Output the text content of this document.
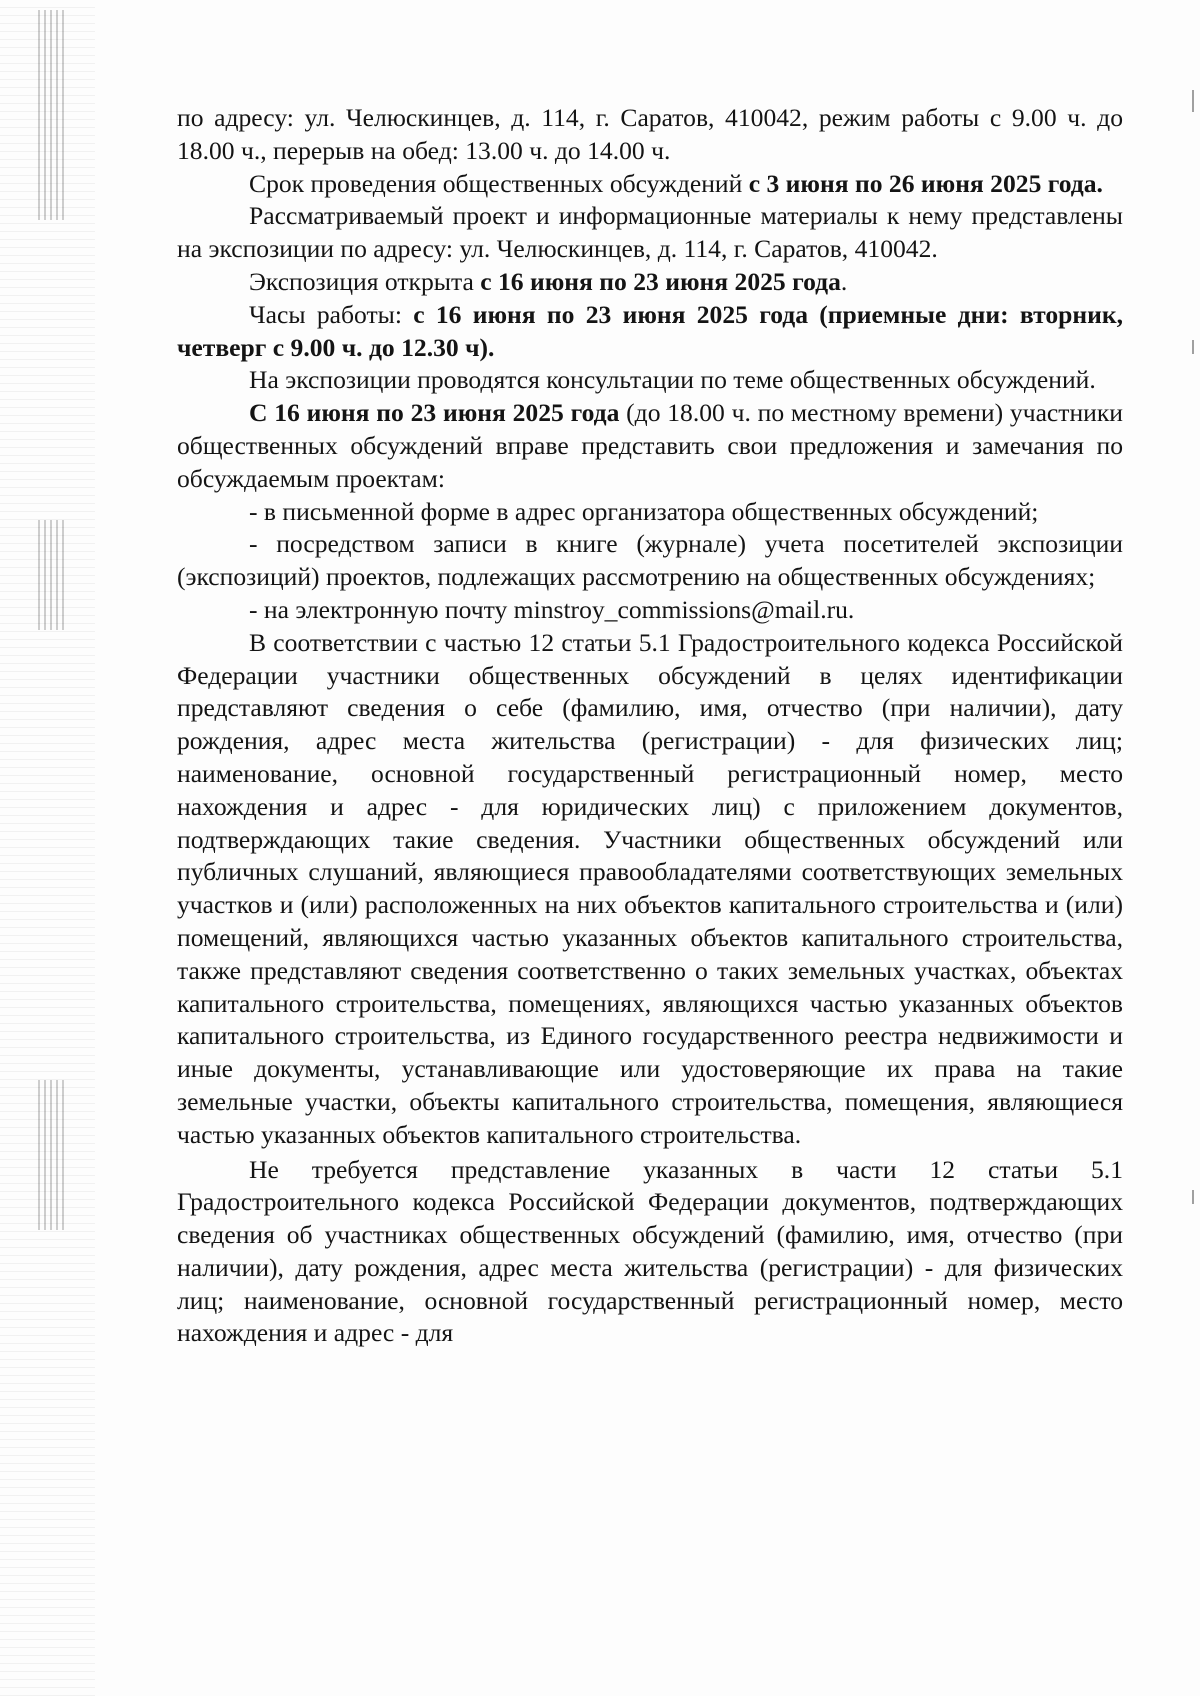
по адресу: ул. Челюскинцев, д. 114, г. Саратов, 410042, режим работы с 9.00 ч. до 18.00 ч., перерыв на обед: 13.00 ч. до 14.00 ч.

Срок проведения общественных обсуждений с 3 июня по 26 июня 2025 года.

Рассматриваемый проект и информационные материалы к нему представлены на экспозиции по адресу: ул. Челюскинцев, д. 114, г. Саратов, 410042.

Экспозиция открыта с 16 июня по 23 июня 2025 года.

Часы работы: с 16 июня по 23 июня 2025 года (приемные дни: вторник, четверг с 9.00 ч. до 12.30 ч).

На экспозиции проводятся консультации по теме общественных обсуждений.

С 16 июня по 23 июня 2025 года (до 18.00 ч. по местному времени) участники общественных обсуждений вправе представить свои предложения и замечания по обсуждаемым проектам:

- в письменной форме в адрес организатора общественных обсуждений;

- посредством записи в книге (журнале) учета посетителей экспозиции (экспозиций) проектов, подлежащих рассмотрению на общественных обсуждениях;

- на электронную почту minstroy_commissions@mail.ru.

В соответствии с частью 12 статьи 5.1 Градостроительного кодекса Российской Федерации участники общественных обсуждений в целях идентификации представляют сведения о себе (фамилию, имя, отчество (при наличии), дату рождения, адрес места жительства (регистрации) - для физических лиц; наименование, основной государственный регистрационный номер, место нахождения и адрес - для юридических лиц) с приложением документов, подтверждающих такие сведения. Участники общественных обсуждений или публичных слушаний, являющиеся правообладателями соответствующих земельных участков и (или) расположенных на них объектов капитального строительства и (или) помещений, являющихся частью указанных объектов капитального строительства, также представляют сведения соответственно о таких земельных участках, объектах капитального строительства, помещениях, являющихся частью указанных объектов капитального строительства, из Единого государственного реестра недвижимости и иные документы, устанавливающие или удостоверяющие их права на такие земельные участки, объекты капитального строительства, помещения, являющиеся частью указанных объектов капитального строительства.

Не требуется представление указанных в части 12 статьи 5.1 Градостроительного кодекса Российской Федерации документов, подтверждающих сведения об участниках общественных обсуждений (фамилию, имя, отчество (при наличии), дату рождения, адрес места жительства (регистрации) - для физических лиц; наименование, основной государственный регистрационный номер, место нахождения и адрес - для
